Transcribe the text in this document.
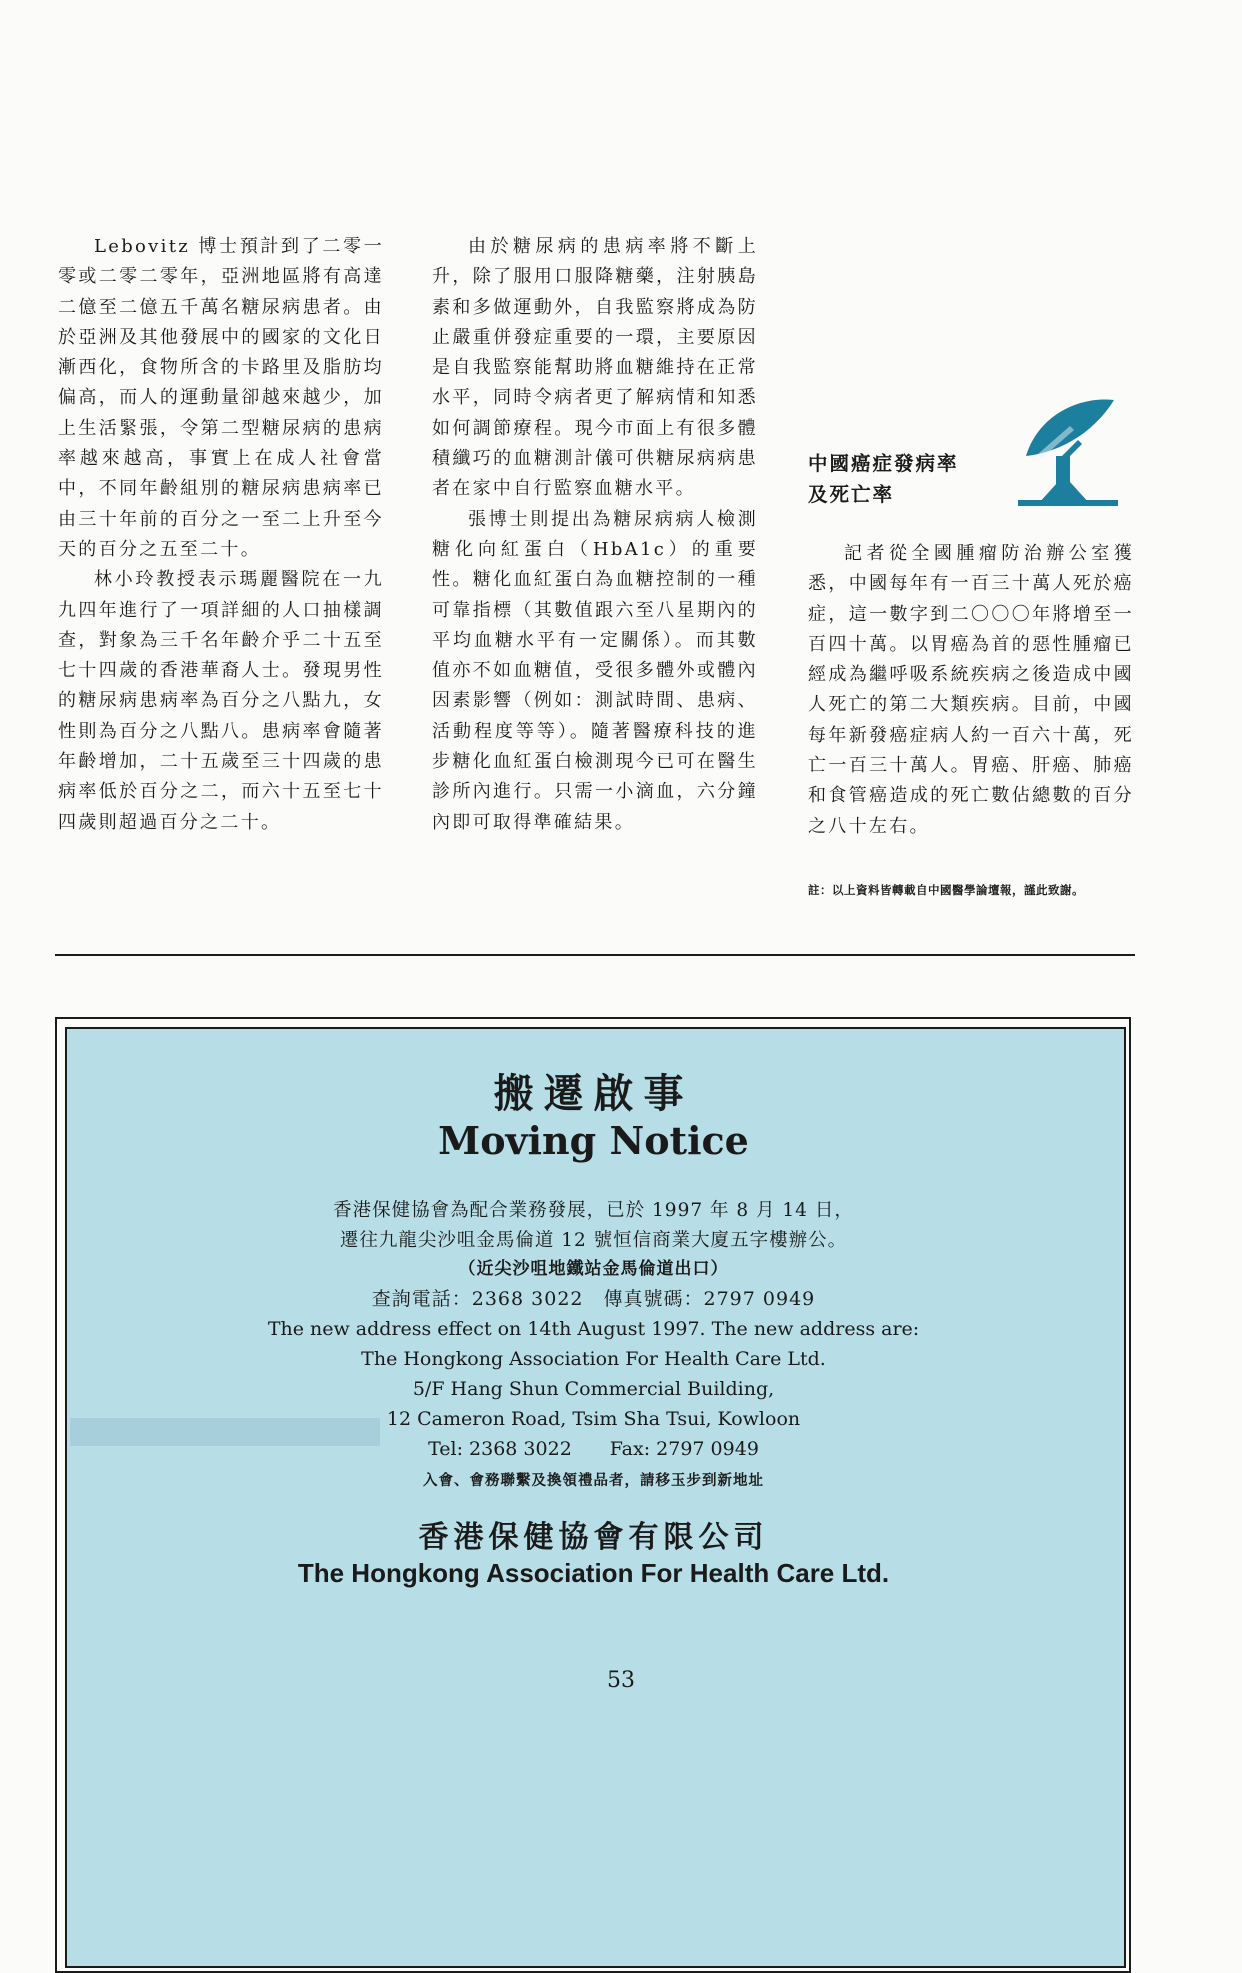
Lebovitz 博士預計到了二零一零或二零二零年，亞洲地區將有高達二億至二億五千萬名糖尿病患者。由於亞洲及其他發展中的國家的文化日漸西化，食物所含的卡路里及脂肪均偏高，而人的運動量卻越來越少，加上生活緊張，令第二型糖尿病的患病率越來越高，事實上在成人社會當中，不同年齡組別的糖尿病患病率已由三十年前的百分之一至二上升至今天的百分之五至二十。

林小玲教授表示瑪麗醫院在一九九四年進行了一項詳細的人口抽樣調查，對象為三千名年齡介乎二十五至七十四歲的香港華裔人士。發現男性的糖尿病患病率為百分之八點九，女性則為百分之八點八。患病率會隨著年齡增加，二十五歲至三十四歲的患病率低於百分之二，而六十五至七十四歲則超過百分之二十。

由於糖尿病的患病率將不斷上升，除了服用口服降糖藥，注射胰島素和多做運動外，自我監察將成為防止嚴重併發症重要的一環，主要原因是自我監察能幫助將血糖維持在正常水平，同時令病者更了解病情和知悉如何調節療程。現今市面上有很多體積纖巧的血糖測計儀可供糖尿病病患者在家中自行監察血糖水平。

張博士則提出為糖尿病病人檢測糖化向紅蛋白（HbA1c）的重要性。糖化血紅蛋白為血糖控制的一種可靠指標（其數值跟六至八星期內的平均血糖水平有一定關係）。而其數值亦不如血糖值，受很多體外或體內因素影響（例如：測試時間、患病、活動程度等等）。隨著醫療科技的進步糖化血紅蛋白檢測現今已可在醫生診所內進行。只需一小滴血，六分鐘內即可取得準確結果。

中國癌症發病率
及死亡率

記者從全國腫瘤防治辦公室獲悉，中國每年有一百三十萬人死於癌症，這一數字到二〇〇〇年將增至一百四十萬。以胃癌為首的惡性腫瘤已經成為繼呼吸系統疾病之後造成中國人死亡的第二大類疾病。目前，中國每年新發癌症病人約一百六十萬，死亡一百三十萬人。胃癌、肝癌、肺癌和食管癌造成的死亡數佔總數的百分之八十左右。

註：以上資料皆轉載自中國醫學論壇報，謹此致謝。
搬遷啟事
Moving Notice
香港保健協會為配合業務發展，已於 1997 年 8 月 14 日，
遷往九龍尖沙咀金馬倫道 12 號恒信商業大廈五字樓辦公。
（近尖沙咀地鐵站金馬倫道出口）
查詢電話：2368 3022　傳真號碼：2797 0949
The new address effect on 14th August 1997. The new address are:
The Hongkong Association For Health Care Ltd.
5/F Hang Shun Commercial Building,
12 Cameron Road, Tsim Sha Tsui, Kowloon
Tel: 2368 3022　　Fax: 2797 0949
入會、會務聯繫及換領禮品者，請移玉步到新地址
香港保健協會有限公司
The Hongkong Association For Health Care Ltd.
53
